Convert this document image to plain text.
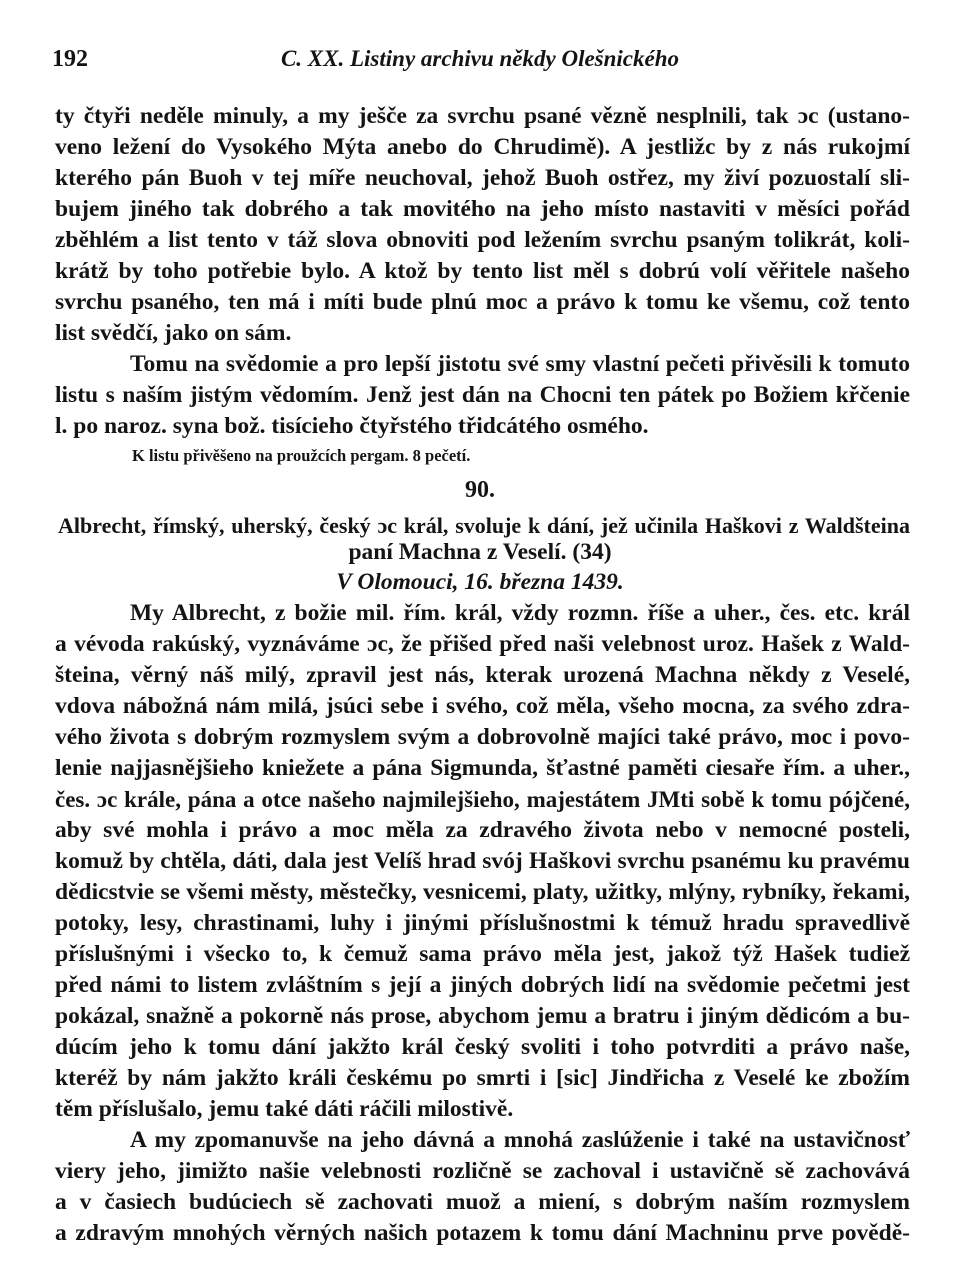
192	C. XX. Listiny archivu někdy Olešnického
ty čtyři neděle minuly, a my ješče za svrchu psané vězně nesplnili, tak ɔc (ustano-
veno ležení do Vysokého Mýta anebo do Chrudimě). A jestližc by z nás rukojmí
kterého pán Buoh v tej míře neuchoval, jehož Buoh ostřez, my živí pozuostalí sli-
bujem jiného tak dobrého a tak movitého na jeho místo nastaviti v měsíci pořád
zběhlém a list tento v táž slova obnoviti pod ležením svrchu psaným tolikrát, koli-
krátž by toho potřebie bylo. A ktož by tento list měl s dobrú volí věřitele našeho
svrchu psaného, ten má i míti bude plnú moc a právo k tomu ke všemu, což tento
list svědčí, jako on sám.
Tomu na svědomie a pro lepší jistotu své smy vlastní pečeti přivěsili k tomuto
listu s naším jistým vědomím. Jenž jest dán na Chocni ten pátek po Božiem křčenie
l. po naroz. syna bož. tisícieho čtyřstého třidcátého osmého.
K listu přivěšeno na proužcích pergam. 8 pečetí.
90.
Albrecht, římský, uherský, český ɔc král, svoluje k dání, jež učinila Haškovi z Waldšteina
paní Machna z Veselí. (34)
V Olomouci, 16. března 1439.
My Albrecht, z božie mil. řím. král, vždy rozmn. říše a uher., čes. etc. král
a vévoda rakúský, vyznáváme ɔc, že přišed před naši velebnost uroz. Hašek z Wald-
šteina, věrný náš milý, zpravil jest nás, kterak urozená Machna někdy z Veselé,
vdova nábožná nám milá, jsúci sebe i svého, což měla, všeho mocna, za svého zdra-
vého života s dobrým rozmyslem svým a dobrovolně majíci také právo, moc i povo-
lenie najjasnějšieho kniežete a pána Sigmunda, šťastné paměti ciesaře řím. a uher.,
čes. ɔc krále, pána a otce našeho najmilejšieho, majestátem JMti sobě k tomu pójčené,
aby své mohla i právo a moc měla za zdravého života nebo v nemocné posteli,
komuž by chtěla, dáti, dala jest Velíš hrad svój Haškovi svrchu psanému ku pravému
dědicstvie se všemi městy, městečky, vesnicemi, platy, užitky, mlýny, rybníky, řekami,
potoky, lesy, chrastinami, luhy i jinými příslušnostmi k témuž hradu spravedlivě
příslušnými i všecko to, k čemuž sama právo měla jest, jakož týž Hašek tudiež
před námi to listem zvláštním s její a jiných dobrých lidí na svědomie pečetmi jest
pokázal, snažně a pokorně nás prose, abychom jemu a bratru i jiným dědicóm a bu-
dúcím jeho k tomu dání jakžto král český svoliti i toho potvrditi a právo naše,
kteréž by nám jakžto králi českému po smrti i [sic] Jindřicha z Veselé ke zbožím
těm příslušalo, jemu také dáti ráčili milostivě.
A my zpomanuvše na jeho dávná a mnohá zaslúženie i také na ustavičnosť
viery jeho, jimižto našie velebnosti rozličně se zachoval i ustavičně sě zachovává
a v časiech budúciech sě zachovati muož a miení, s dobrým naším rozmyslem
a zdravým mnohých věrných našich potazem k tomu dání Machninu prve povědě-
